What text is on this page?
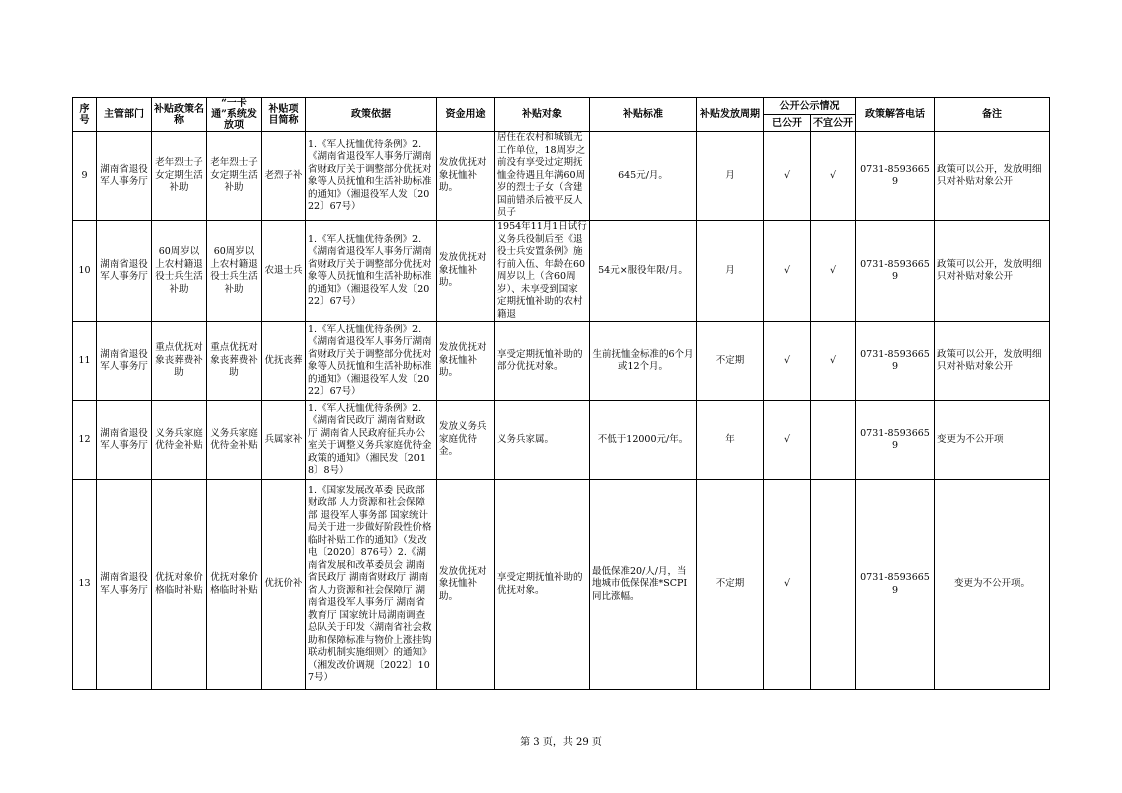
序号	主管部门	补贴政策名称	“一卡通”系统发放项	补贴项目简称	政策依据	资金用途	补贴对象	补贴标准	补贴发放周期	公开公示情况		政策解答电话	备注
										已公开	不宜公开		
9	湖南省退役军人事务厅	老年烈士子女定期生活补助	老年烈士子女定期生活补助	老烈子补	1.《军人抚恤优待条例》2.《湖南省退役军人事务厅湖南省财政厅关于调整部分优抚对象等人员抚恤和生活补助标准的通知》（湘退役军人发〔2022〕67号）	发放优抚对象抚恤补助。	居住在农村和城镇无工作单位，18周岁之前没有享受过定期抚恤金待遇且年满60周岁的烈士子女（含建国前错杀后被平反人员子	645元/月。	月	√	√	0731-85936659	政策可以公开，发放明细只对补贴对象公开
10	湖南省退役军人事务厅	60周岁以上农村籍退役士兵生活补助	60周岁以上农村籍退役士兵生活补助	农退士兵	1.《军人抚恤优待条例》2.《湖南省退役军人事务厅湖南省财政厅关于调整部分优抚对象等人员抚恤和生活补助标准的通知》（湘退役军人发〔2022〕67号）	发放优抚对象抚恤补助。	1954年11月1日试行义务兵役制后至《退役士兵安置条例》施行前入伍、年龄在60周岁以上（含60周岁）、未享受到国家定期抚恤补助的农村籍退	54元×服役年限/月。	月	√	√	0731-85936659	政策可以公开，发放明细只对补贴对象公开
11	湖南省退役军人事务厅	重点优抚对象丧葬费补助	重点优抚对象丧葬费补助	优抚丧葬	1.《军人抚恤优待条例》2.《湖南省退役军人事务厅湖南省财政厅关于调整部分优抚对象等人员抚恤和生活补助标准的通知》（湘退役军人发〔2022〕67号）	发放优抚对象抚恤补助。	享受定期抚恤补助的部分优抚对象。	生前抚恤金标准的6个月或12个月。	不定期	√	√	0731-85936659	政策可以公开，发放明细只对补贴对象公开
12	湖南省退役军人事务厅	义务兵家庭优待金补贴	义务兵家庭优待金补贴	兵属家补	1.《军人抚恤优待条例》2.《湖南省民政厅 湖南省财政厅 湖南省人民政府征兵办公室关于调整义务兵家庭优待金政策的通知》（湘民发〔2018〕8号）	发放义务兵家庭优待金。	义务兵家属。	不低于12000元/年。	年	√		0731-85936659	变更为不公开项
13	湖南省退役军人事务厅	优抚对象价格临时补贴	优抚对象价格临时补贴	优抚价补	1.《国家发展改革委 民政部 财政部 人力资源和社会保障部 退役军人事务部 国家统计局关于进一步做好阶段性价格临时补贴工作的通知》（发改电〔2020〕876号）2.《湖南省发展和改革委员会 湖南省民政厅 湖南省财政厅 湖南省人力资源和社会保障厅 湖南省退役军人事务厅 湖南省教育厅 国家统计局湖南调查总队关于印发〈湖南省社会救助和保障标准与物价上涨挂钩联动机制实施细则〉的通知》（湘发改价调规〔2022〕107号）	发放优抚对象抚恤补助。	享受定期抚恤补助的优抚对象。	最低保准20/人/月，当地城市低保保准*SCPI同比涨幅。	不定期	√		0731-85936659	变更为不公开项。
第 3 页，共 29 页
